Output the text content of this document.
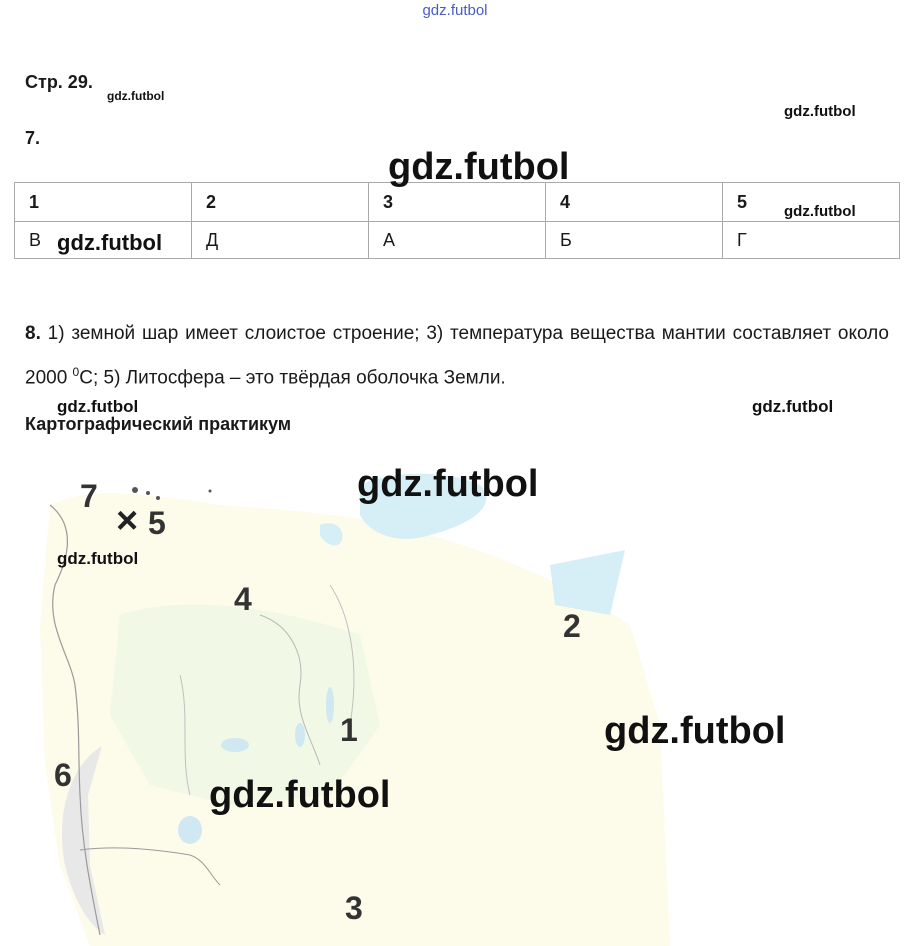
gdz.futbol
Стр. 29.
gdz.futbol
gdz.futbol
7.
1	2	3	4	5
В	Д	А	Б	Г
gdz.futbol
gdz.futbol
gdz.futbol
8. 1) земной шар имеет слоистое строение; 3) температура вещества мантии составляет около 2000 $^0$С; 5) Литосфера – это твёрдая оболочка Земли.
gdz.futbol	gdz.futbol
Картографический практикум
7
5
×
4
2
1
6
3
gdz.futbol
gdz.futbol
gdz.futbol
gdz.futbol
